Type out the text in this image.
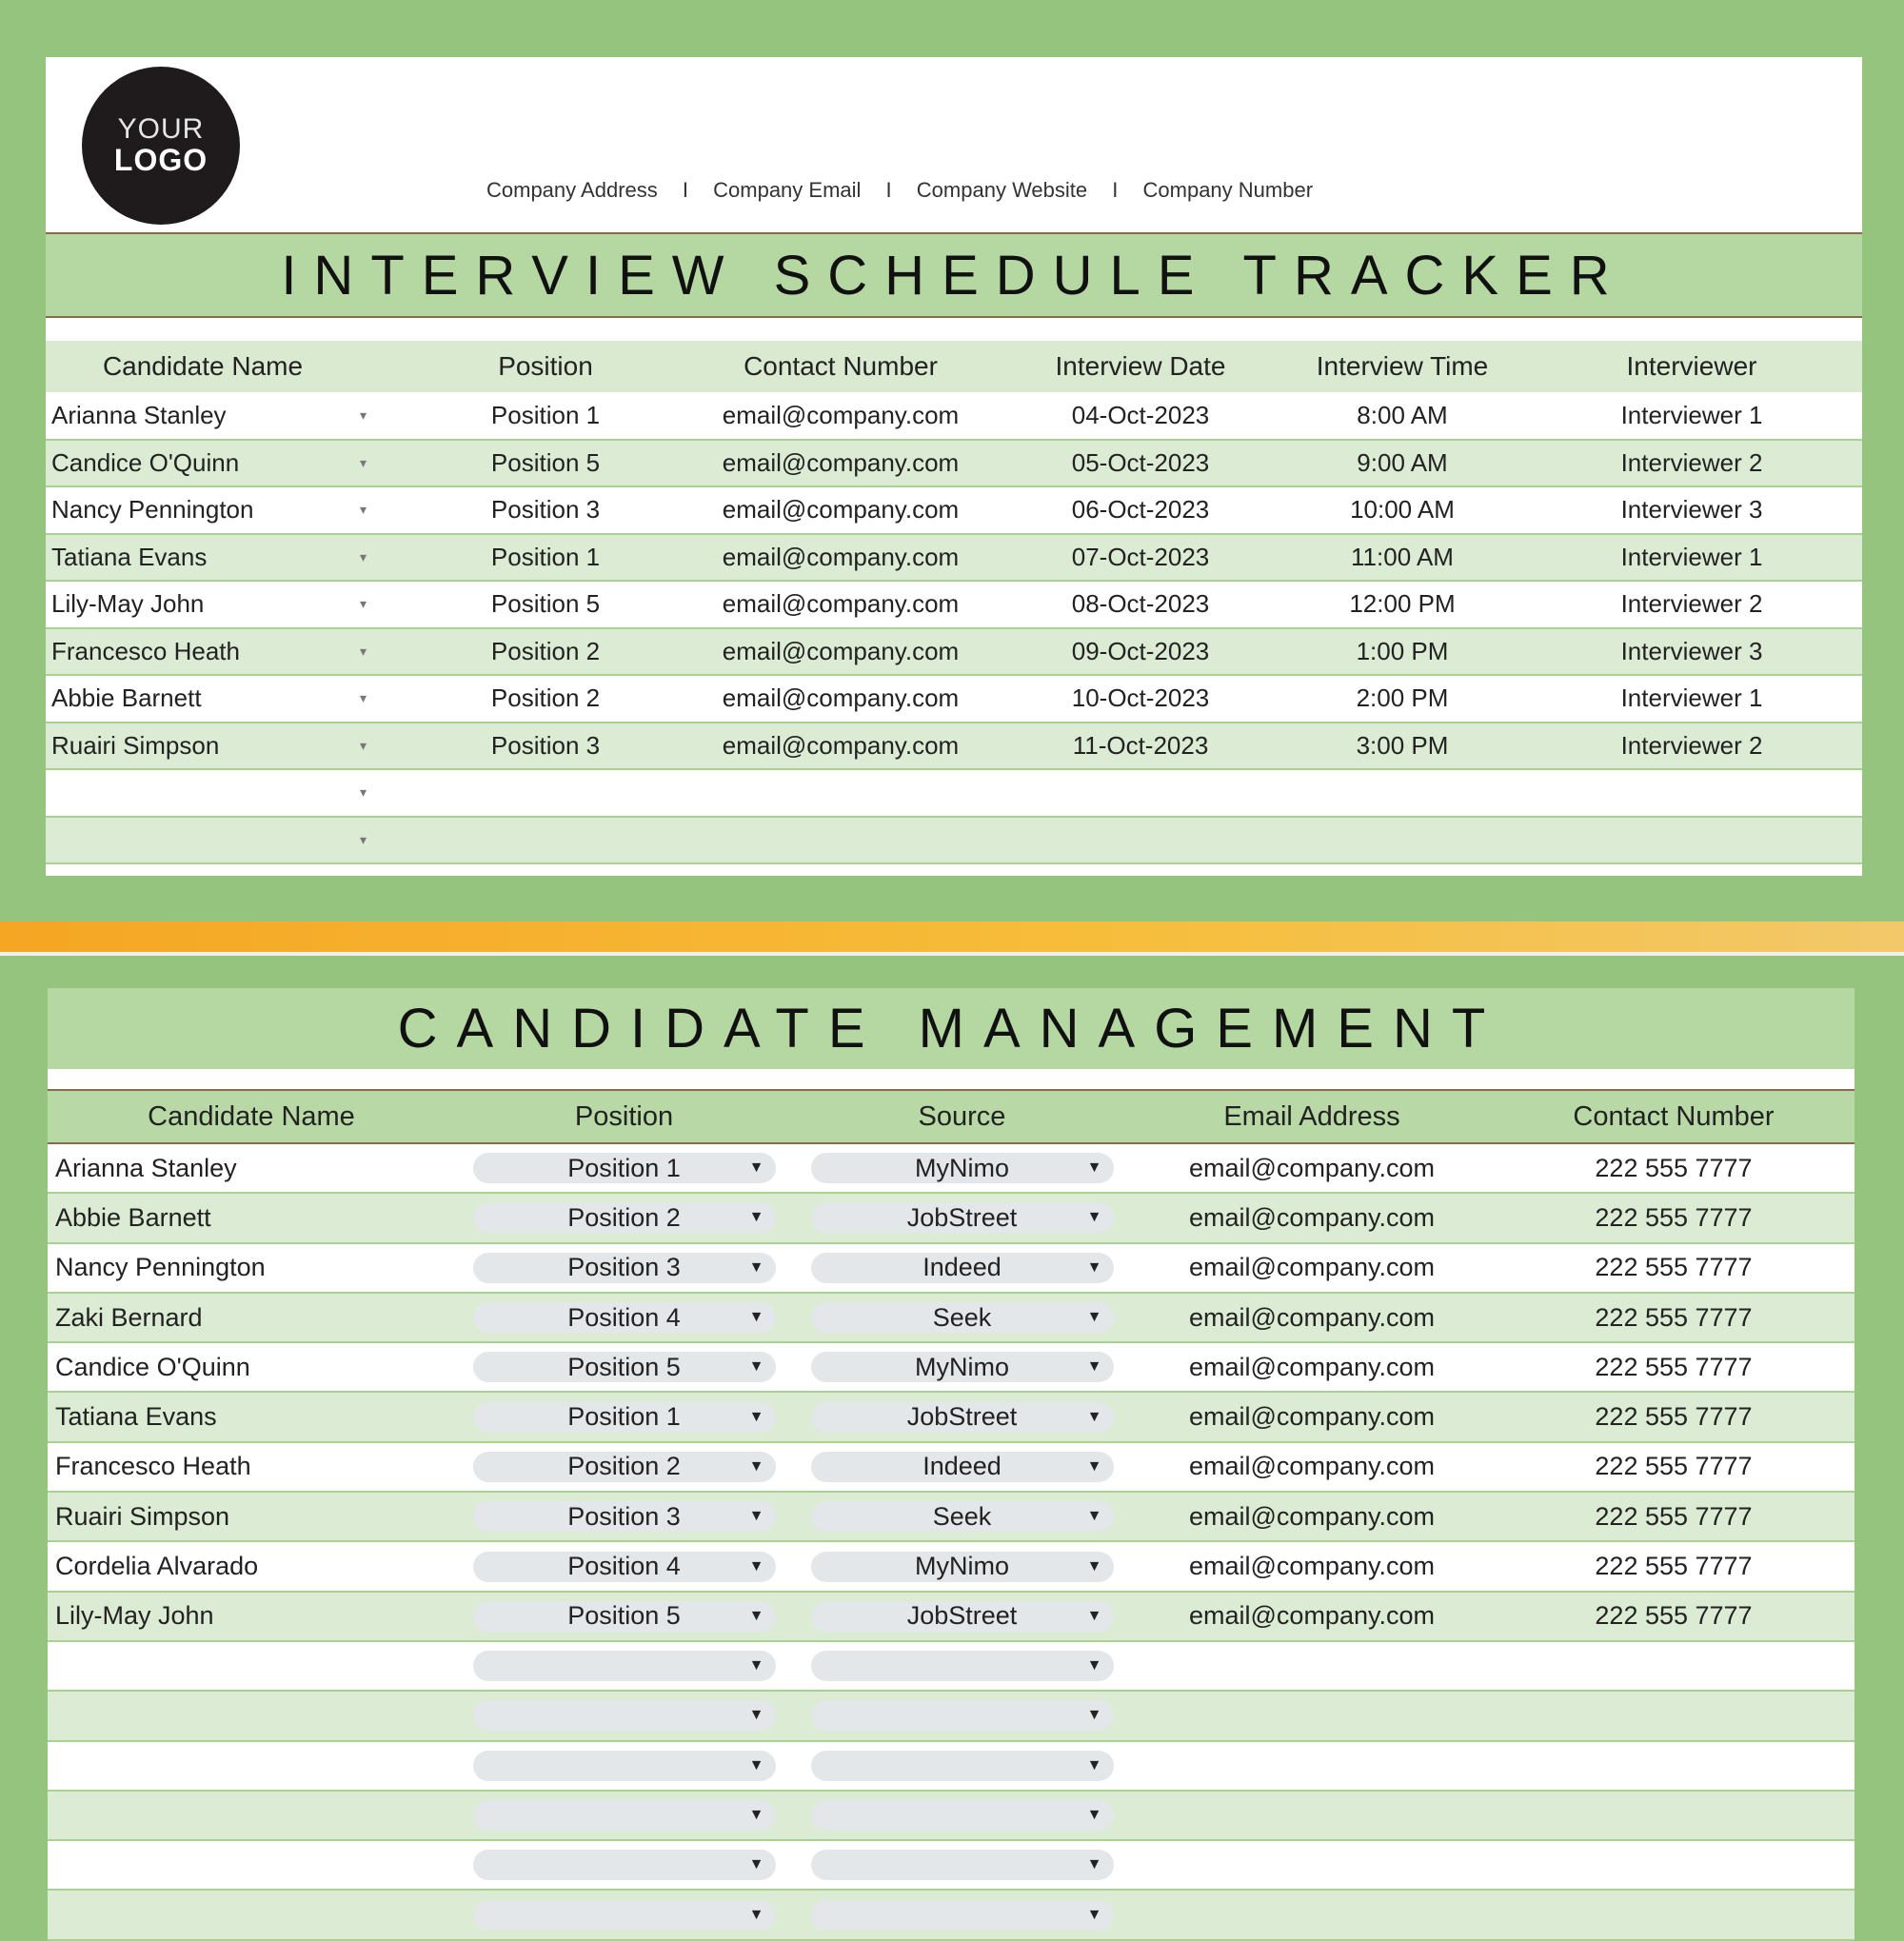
YOUR
LOGO
Company Address I Company Email I Company Website I Company Number
INTERVIEW SCHEDULE TRACKER
Candidate Name		Position	Contact Number	Interview Date	Interview Time	Interviewer
Arianna Stanley	▾	Position 1	email@company.com	04-Oct-2023	8:00 AM	Interviewer 1
Candice O'Quinn	▾	Position 5	email@company.com	05-Oct-2023	9:00 AM	Interviewer 2
Nancy Pennington	▾	Position 3	email@company.com	06-Oct-2023	10:00 AM	Interviewer 3
Tatiana Evans	▾	Position 1	email@company.com	07-Oct-2023	11:00 AM	Interviewer 1
Lily-May John	▾	Position 5	email@company.com	08-Oct-2023	12:00 PM	Interviewer 2
Francesco Heath	▾	Position 2	email@company.com	09-Oct-2023	1:00 PM	Interviewer 3
Abbie Barnett	▾	Position 2	email@company.com	10-Oct-2023	2:00 PM	Interviewer 1
Ruairi Simpson	▾	Position 3	email@company.com	11-Oct-2023	3:00 PM	Interviewer 2
	▾					
	▾					
CANDIDATE MANAGEMENT
Candidate Name	Position	Source	Email Address	Contact Number
Arianna Stanley	Position 1 ▼	MyNimo ▼	email@company.com	222 555 7777
Abbie Barnett	Position 2 ▼	JobStreet ▼	email@company.com	222 555 7777
Nancy Pennington	Position 3 ▼	Indeed ▼	email@company.com	222 555 7777
Zaki Bernard	Position 4 ▼	Seek ▼	email@company.com	222 555 7777
Candice O'Quinn	Position 5 ▼	MyNimo ▼	email@company.com	222 555 7777
Tatiana Evans	Position 1 ▼	JobStreet ▼	email@company.com	222 555 7777
Francesco Heath	Position 2 ▼	Indeed ▼	email@company.com	222 555 7777
Ruairi Simpson	Position 3 ▼	Seek ▼	email@company.com	222 555 7777
Cordelia Alvarado	Position 4 ▼	MyNimo ▼	email@company.com	222 555 7777
Lily-May John	Position 5 ▼	JobStreet ▼	email@company.com	222 555 7777

	▼	▼		

	▼	▼		

	▼	▼		

	▼	▼		

	▼	▼		

	▼	▼		
